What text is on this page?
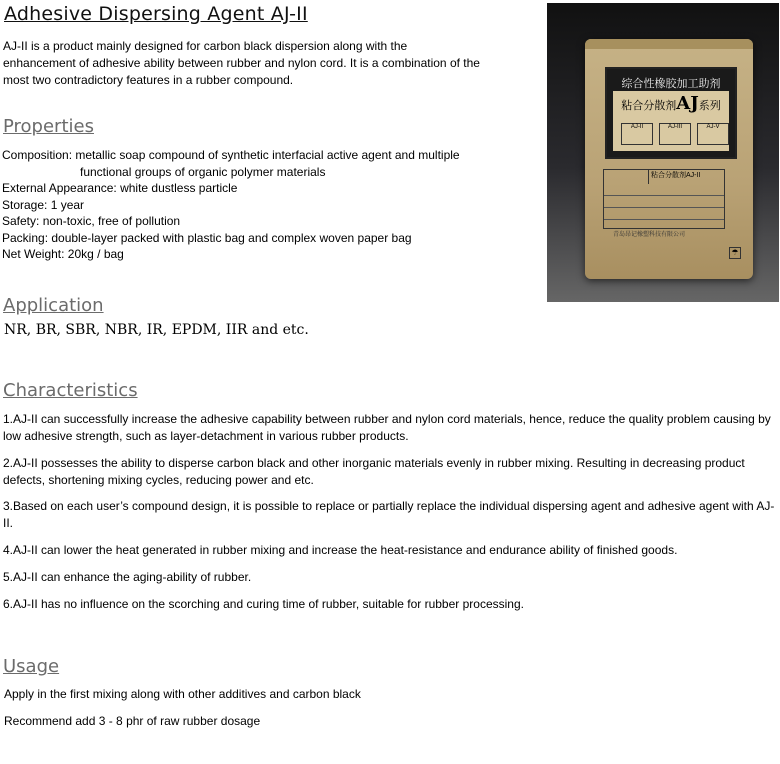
Adhesive Dispersing Agent AJ-II
AJ-II is a product mainly designed for carbon black dispersion along with the
enhancement of adhesive ability between rubber and nylon cord. It is a combination of the
most two contradictory features in a rubber compound.
Properties
Composition: metallic soap compound of synthetic interfacial active agent and multiple
functional groups of organic polymer materials
External Appearance: white dustless particle
Storage: 1 year
Safety: non-toxic, free of pollution
Packing: double-layer packed with plastic bag and complex woven paper bag
Net Weight: 20kg / bag
综合性橡胶加工助剂
粘合分散剂AJ系列
AJ-II	AJ-III	AJ-V
粘合分散剂AJ-II
青岛昂记橡塑科技有限公司
☂
Application
NR, BR, SBR, NBR, IR, EPDM, IIR and etc.
Characteristics
1.AJ-II can successfully increase the adhesive capability between rubber and nylon cord materials, hence, reduce the quality problem causing by low adhesive strength, such as layer-detachment in various rubber products.
2.AJ-II possesses the ability to disperse carbon black and other inorganic materials evenly in rubber mixing. Resulting in decreasing product defects, shortening mixing cycles, reducing power and etc.
3.Based on each user’s compound design, it is possible to replace or partially replace the individual dispersing agent and adhesive agent with AJ-II.
4.AJ-II can lower the heat generated in rubber mixing and increase the heat-resistance and endurance ability of finished goods.
5.AJ-II can enhance the aging-ability of rubber.
6.AJ-II has no influence on the scorching and curing time of rubber, suitable for rubber processing.
Usage
Apply in the first mixing along with other additives and carbon black
Recommend add 3 - 8 phr of raw rubber dosage
